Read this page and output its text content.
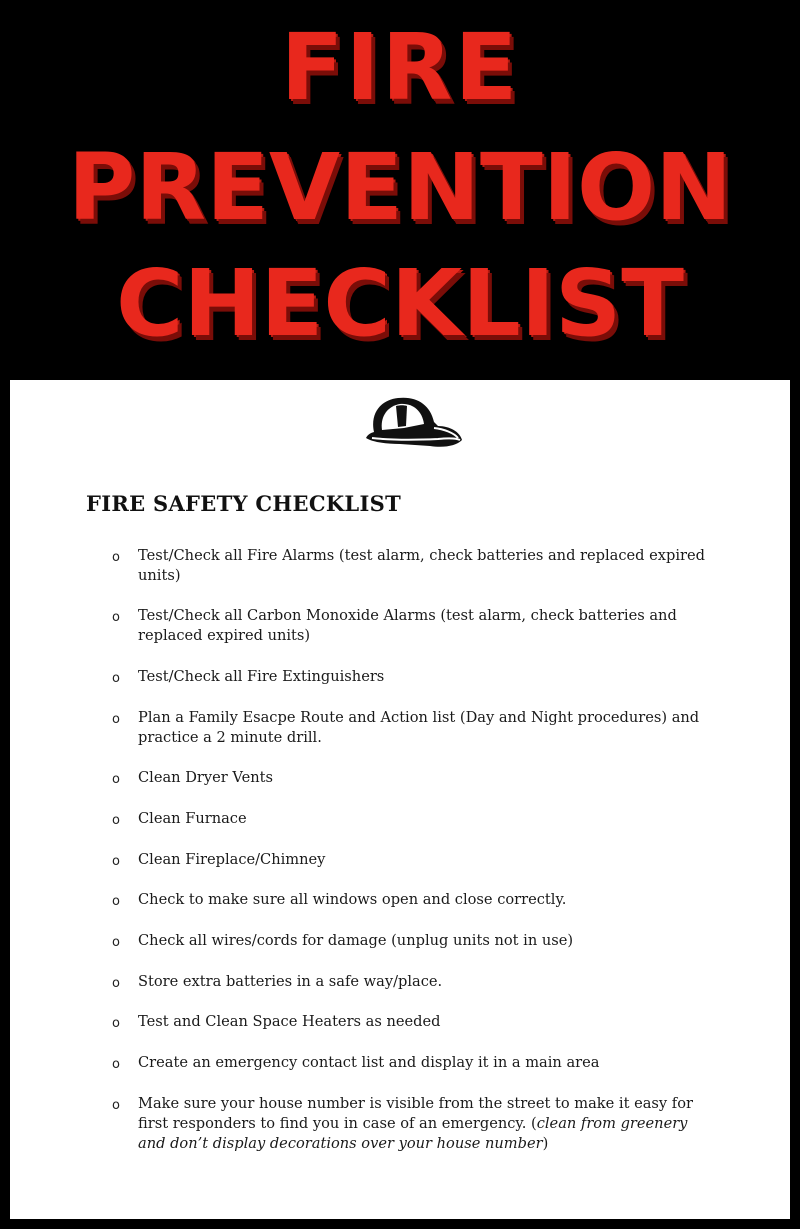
FIRE
PREVENTION
CHECKLIST
FIRE SAFETY CHECKLIST
o Test/Check all Fire Alarms (test alarm, check batteries and replaced expired units)
o Test/Check all Carbon Monoxide Alarms (test alarm, check batteries and replaced expired units)
o Test/Check all Fire Extinguishers
o Plan a Family Esacpe Route and Action list (Day and Night procedures) and practice a 2 minute drill.
o Clean Dryer Vents
o Clean Furnace
o Clean Fireplace/Chimney
o Check to make sure all windows open and close correctly.
o Check all wires/cords for damage (unplug units not in use)
o Store extra batteries in a safe way/place.
o Test and Clean Space Heaters as needed
o Create an emergency contact list and display it in a main area
o Make sure your house number is visible from the street to make it easy for first responders to find you in case of an emergency. (clean from greenery and don’t display decorations over your house number)
